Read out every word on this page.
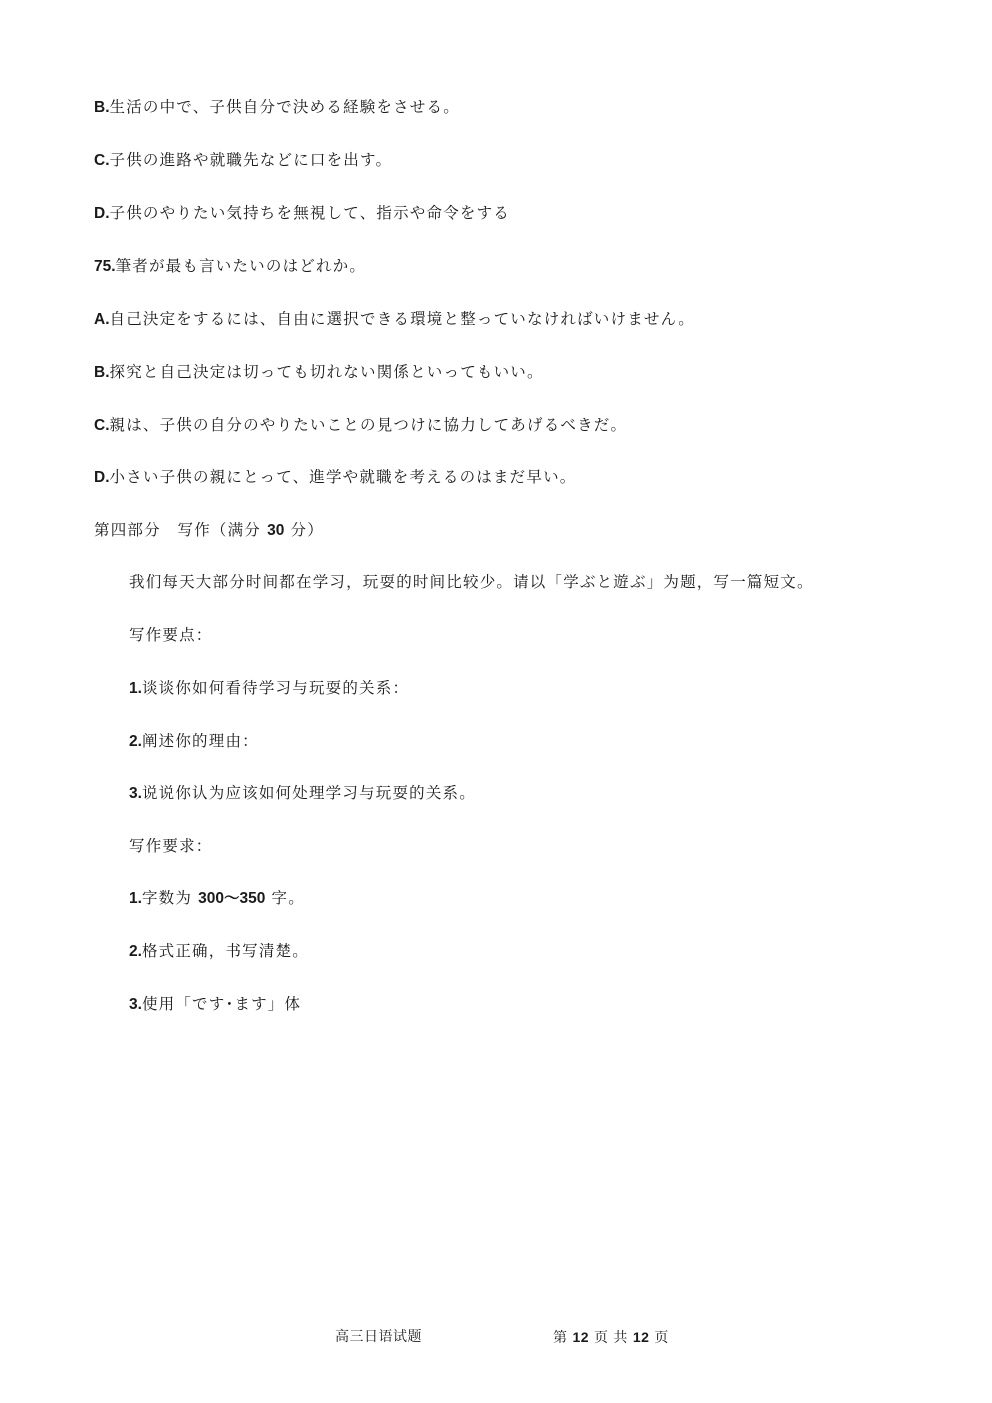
B.生活の中で、子供自分で決める経験をさせる。
C.子供の進路や就職先などに口を出す。
D.子供のやりたい気持ちを無視して、指示や命令をする
75.筆者が最も言いたいのはどれか。
A.自己決定をするには、自由に選択できる環境と整っていなければいけません。
B.探究と自己決定は切っても切れない関係といってもいい。
C.親は、子供の自分のやりたいことの見つけに協力してあげるべきだ。
D.小さい子供の親にとって、進学や就職を考えるのはまだ早い。
第四部分　写作（满分 30 分）
我们每天大部分时间都在学习，玩耍的时间比较少。请以「学ぶと遊ぶ」为题，写一篇短文。
写作要点：
1.谈谈你如何看待学习与玩耍的关系：
2.阐述你的理由：
3.说说你认为应该如何处理学习与玩耍的关系。
写作要求：
1.字数为 300～350 字。
2.格式正确，书写清楚。
3.使用「です･ます」体
高三日语试题	第 12 页 共 12 页
